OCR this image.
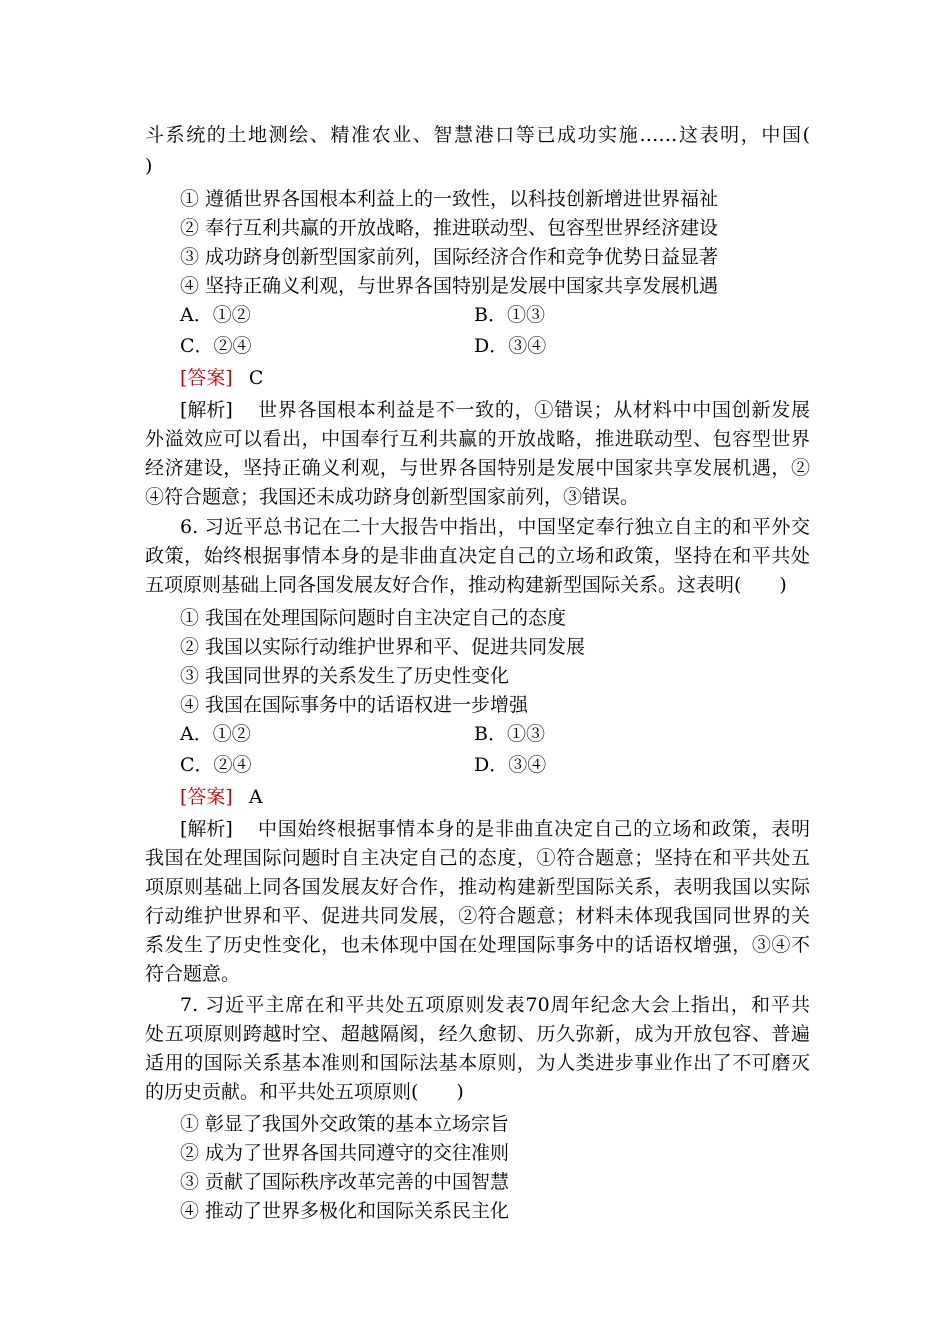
斗系统的土地测绘、精准农业、智慧港口等已成功实施……这表明，中国(
)
① 遵循世界各国根本利益上的一致性，以科技创新增进世界福祉
② 奉行互利共赢的开放战略，推进联动型、包容型世界经济建设
③ 成功跻身创新型国家前列，国际经济合作和竞争优势日益显著
④ 坚持正确义利观，与世界各国特别是发展中国家共享发展机遇
A．①②	B．①③
C．②④	D．③④
[答案] C
[解析] 世界各国根本利益是不一致的，①错误；从材料中中国创新发展
外溢效应可以看出，中国奉行互利共赢的开放战略，推进联动型、包容型世界
经济建设，坚持正确义利观，与世界各国特别是发展中国家共享发展机遇，②
④符合题意；我国还未成功跻身创新型国家前列，③错误。
6. 习近平总书记在二十大报告中指出，中国坚定奉行独立自主的和平外交
政策，始终根据事情本身的是非曲直决定自己的立场和政策，坚持在和平共处
五项原则基础上同各国发展友好合作，推动构建新型国际关系。这表明(　　)
① 我国在处理国际问题时自主决定自己的态度
② 我国以实际行动维护世界和平、促进共同发展
③ 我国同世界的关系发生了历史性变化
④ 我国在国际事务中的话语权进一步增强
A．①②	B．①③
C．②④	D．③④
[答案] A
[解析] 中国始终根据事情本身的是非曲直决定自己的立场和政策，表明
我国在处理国际问题时自主决定自己的态度，①符合题意；坚持在和平共处五
项原则基础上同各国发展友好合作，推动构建新型国际关系，表明我国以实际
行动维护世界和平、促进共同发展，②符合题意；材料未体现我国同世界的关
系发生了历史性变化，也未体现中国在处理国际事务中的话语权增强，③④不
符合题意。
7. 习近平主席在和平共处五项原则发表70周年纪念大会上指出，和平共
处五项原则跨越时空、超越隔阂，经久愈韧、历久弥新，成为开放包容、普遍
适用的国际关系基本准则和国际法基本原则，为人类进步事业作出了不可磨灭
的历史贡献。和平共处五项原则(　　)
① 彰显了我国外交政策的基本立场宗旨
② 成为了世界各国共同遵守的交往准则
③ 贡献了国际秩序改革完善的中国智慧
④ 推动了世界多极化和国际关系民主化
